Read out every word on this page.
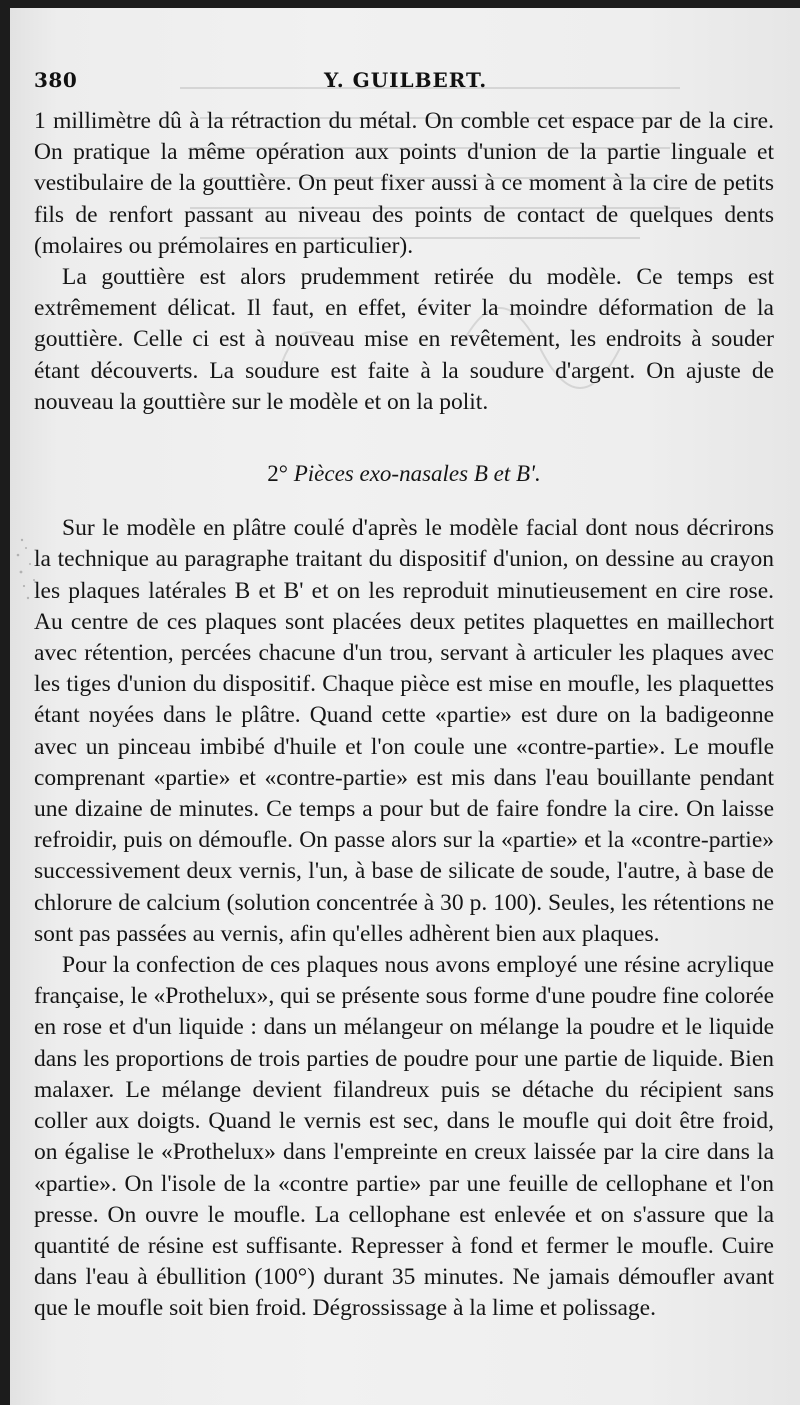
380	Y. GUILBERT.

1 millimètre dû à la rétraction du métal. On comble cet espace par de la cire. On pratique la même opération aux points d'union de la partie linguale et vestibulaire de la gouttière. On peut fixer aussi à ce moment à la cire de petits fils de renfort passant au niveau des points de contact de quelques dents (molaires ou prémolaires en particulier).

La gouttière est alors prudemment retirée du modèle. Ce temps est extrêmement délicat. Il faut, en effet, éviter la moindre déformation de la gouttière. Celle ci est à nouveau mise en revêtement, les endroits à souder étant découverts. La soudure est faite à la soudure d'argent. On ajuste de nouveau la gouttière sur le modèle et on la polit.

2° Pièces exo-nasales B et B'.

Sur le modèle en plâtre coulé d'après le modèle facial dont nous décrirons la technique au paragraphe traitant du dispositif d'union, on dessine au crayon les plaques latérales B et B' et on les reproduit minutieusement en cire rose. Au centre de ces plaques sont placées deux petites plaquettes en maillechort avec rétention, percées chacune d'un trou, servant à articuler les plaques avec les tiges d'union du dispositif. Chaque pièce est mise en moufle, les plaquettes étant noyées dans le plâtre. Quand cette «partie» est dure on la badigeonne avec un pinceau imbibé d'huile et l'on coule une «contre-partie». Le moufle comprenant «partie» et «contre-partie» est mis dans l'eau bouillante pendant une dizaine de minutes. Ce temps a pour but de faire fondre la cire. On laisse refroidir, puis on démoufle. On passe alors sur la «partie» et la «contre-partie» successivement deux vernis, l'un, à base de silicate de soude, l'autre, à base de chlorure de calcium (solution concentrée à 30 p. 100). Seules, les rétentions ne sont pas passées au vernis, afin qu'elles adhèrent bien aux plaques.

Pour la confection de ces plaques nous avons employé une résine acrylique française, le «Prothelux», qui se présente sous forme d'une poudre fine colorée en rose et d'un liquide : dans un mélangeur on mélange la poudre et le liquide dans les proportions de trois parties de poudre pour une partie de liquide. Bien malaxer. Le mélange devient filandreux puis se détache du récipient sans coller aux doigts. Quand le vernis est sec, dans le moufle qui doit être froid, on égalise le «Prothelux» dans l'empreinte en creux laissée par la cire dans la «partie». On l'isole de la «contre partie» par une feuille de cellophane et l'on presse. On ouvre le moufle. La cellophane est enlevée et on s'assure que la quantité de résine est suffisante. Represser à fond et fermer le moufle. Cuire dans l'eau à ébullition (100°) durant 35 minutes. Ne jamais démoufler avant que le moufle soit bien froid. Dégrossissage à la lime et polissage.
